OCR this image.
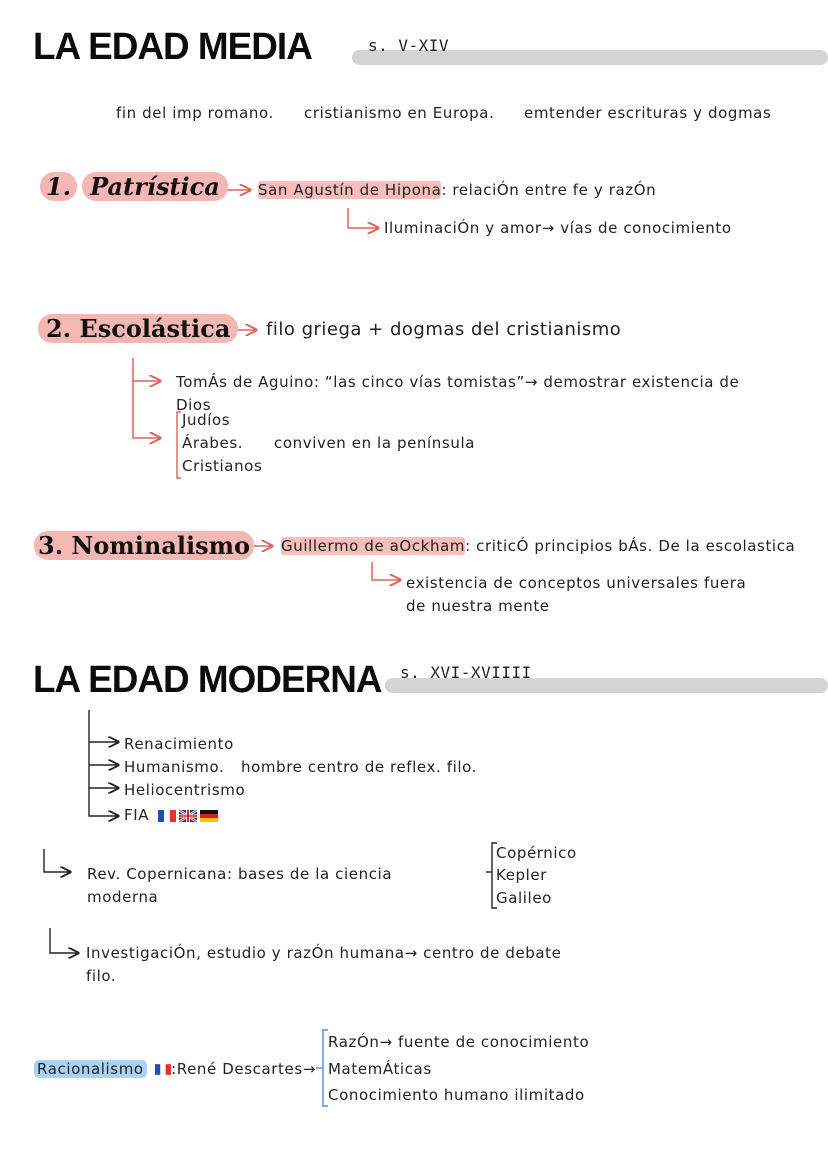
LA EDAD MEDIA	s. V-XIV
fin del imp romano. cristianismo en Europa. emtender escrituras y dogmas
1. Patrística	San Agustín de Hipona: relaciÓn entre fe y razÓn
IluminaciÓn y amor→ vías de conocimiento
2. Escolástica	filo griega + dogmas del cristianismo
TomÁs de Aguino: “las cinco vías tomistas”→ demostrar existencia de
Dios
Judíos
Árabes.
Cristianos
conviven en la península
3. Nominalismo Guillermo de aOckham: criticÓ principios bÁs. De la escolastica
existencia de conceptos universales fuera
de nuestra mente
LA EDAD MODERNA s. XVI-XVIIII
Renacimiento
Humanismo. hombre centro de reflex. filo.
Heliocentrismo
FIA
Rev. Copernicana: bases de la ciencia
moderna
Copérnico
Kepler
Galileo
InvestigaciÓn, estudio y razÓn humana→ centro de debate
filo.
Racionalismo :René Descartes→
RazÓn→ fuente de conocimiento
MatemÁticas
Conocimiento humano ilimitado
